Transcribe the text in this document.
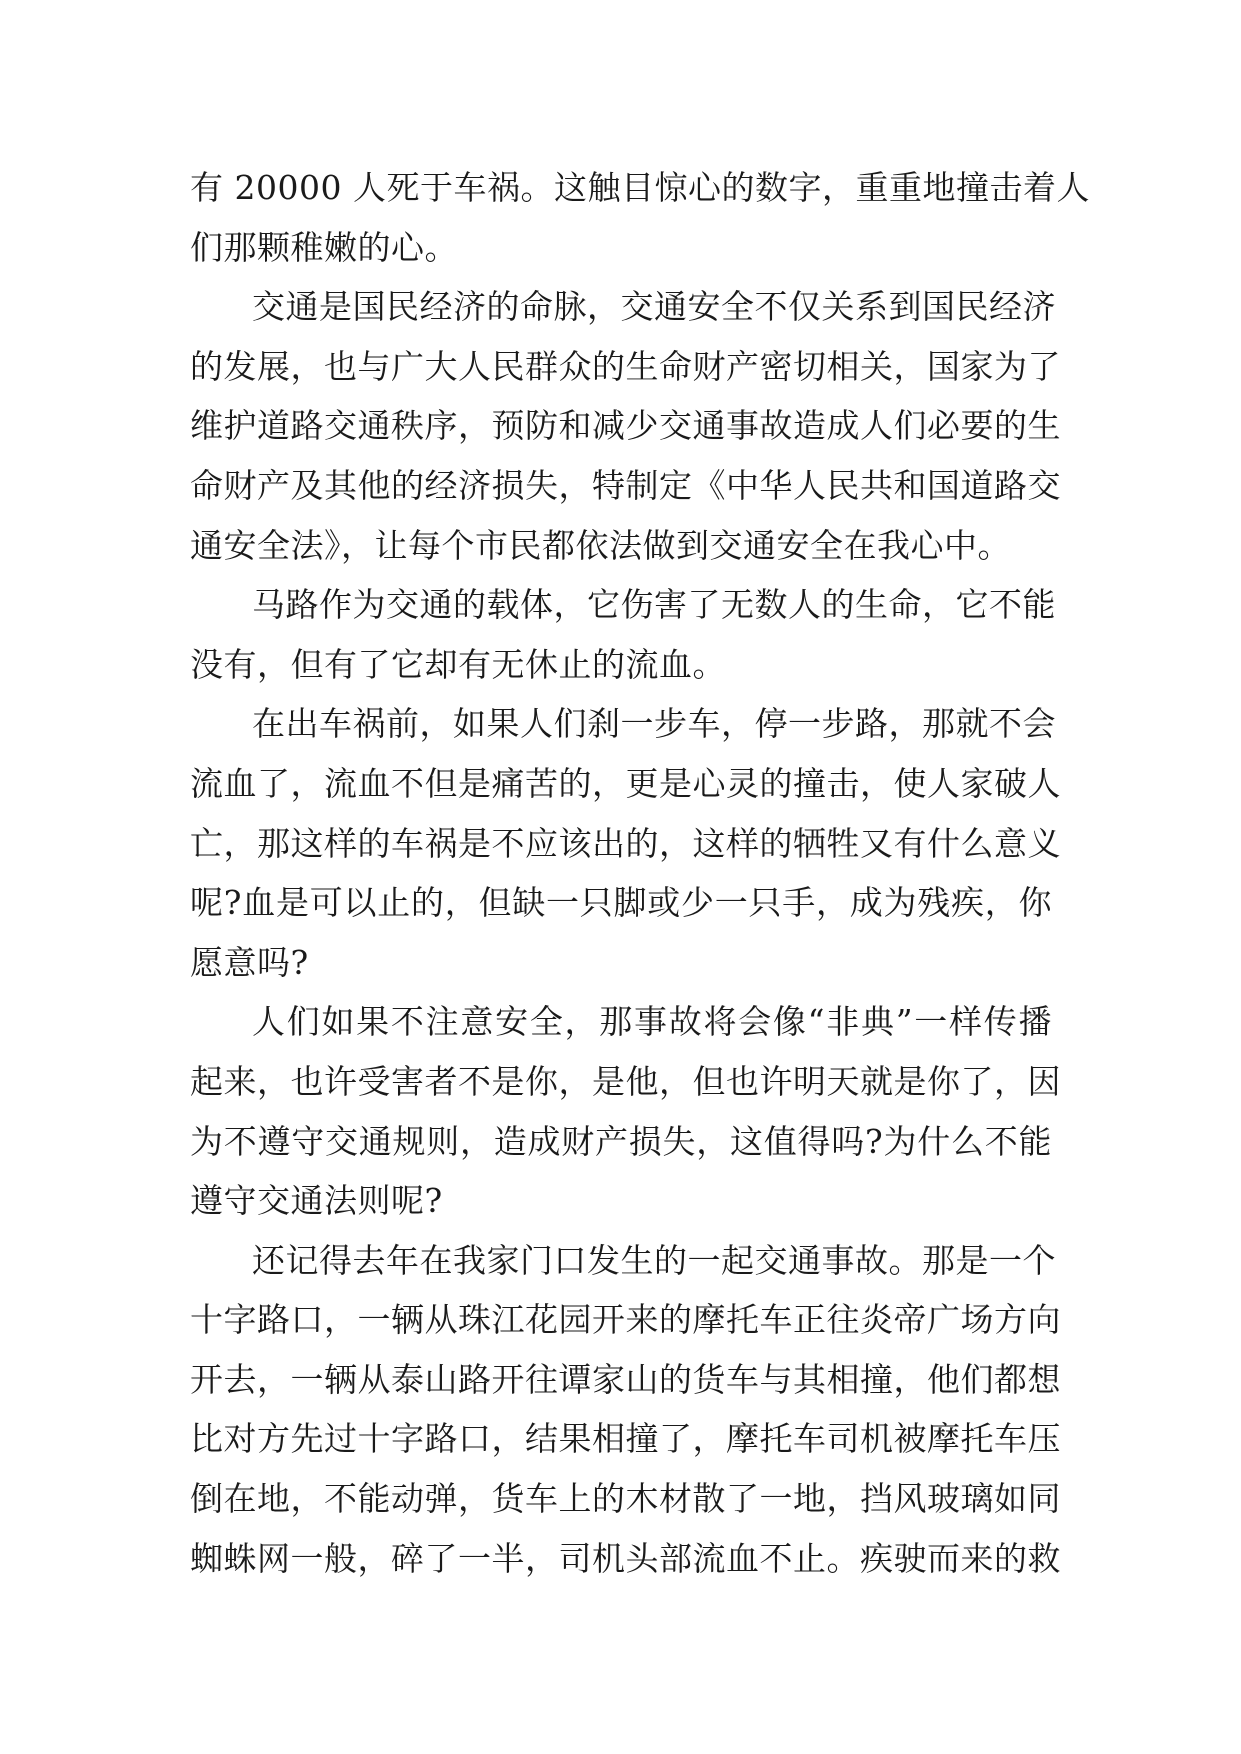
有 20000 人死于车祸。这触目惊心的数字，重重地撞击着人
们那颗稚嫩的心。
交通是国民经济的命脉，交通安全不仅关系到国民经济
的发展，也与广大人民群众的生命财产密切相关，国家为了
维护道路交通秩序，预防和减少交通事故造成人们必要的生
命财产及其他的经济损失，特制定《中华人民共和国道路交
通安全法》，让每个市民都依法做到交通安全在我心中。
马路作为交通的载体，它伤害了无数人的生命，它不能
没有，但有了它却有无休止的流血。
在出车祸前，如果人们刹一步车，停一步路，那就不会
流血了，流血不但是痛苦的，更是心灵的撞击，使人家破人
亡，那这样的车祸是不应该出的，这样的牺牲又有什么意义
呢?血是可以止的，但缺一只脚或少一只手，成为残疾，你
愿意吗?
人们如果不注意安全，那事故将会像“非典”一样传播
起来，也许受害者不是你，是他，但也许明天就是你了，因
为不遵守交通规则，造成财产损失，这值得吗?为什么不能
遵守交通法则呢?
还记得去年在我家门口发生的一起交通事故。那是一个
十字路口，一辆从珠江花园开来的摩托车正往炎帝广场方向
开去，一辆从泰山路开往谭家山的货车与其相撞，他们都想
比对方先过十字路口，结果相撞了，摩托车司机被摩托车压
倒在地，不能动弹，货车上的木材散了一地，挡风玻璃如同
蜘蛛网一般，碎了一半，司机头部流血不止。疾驶而来的救
